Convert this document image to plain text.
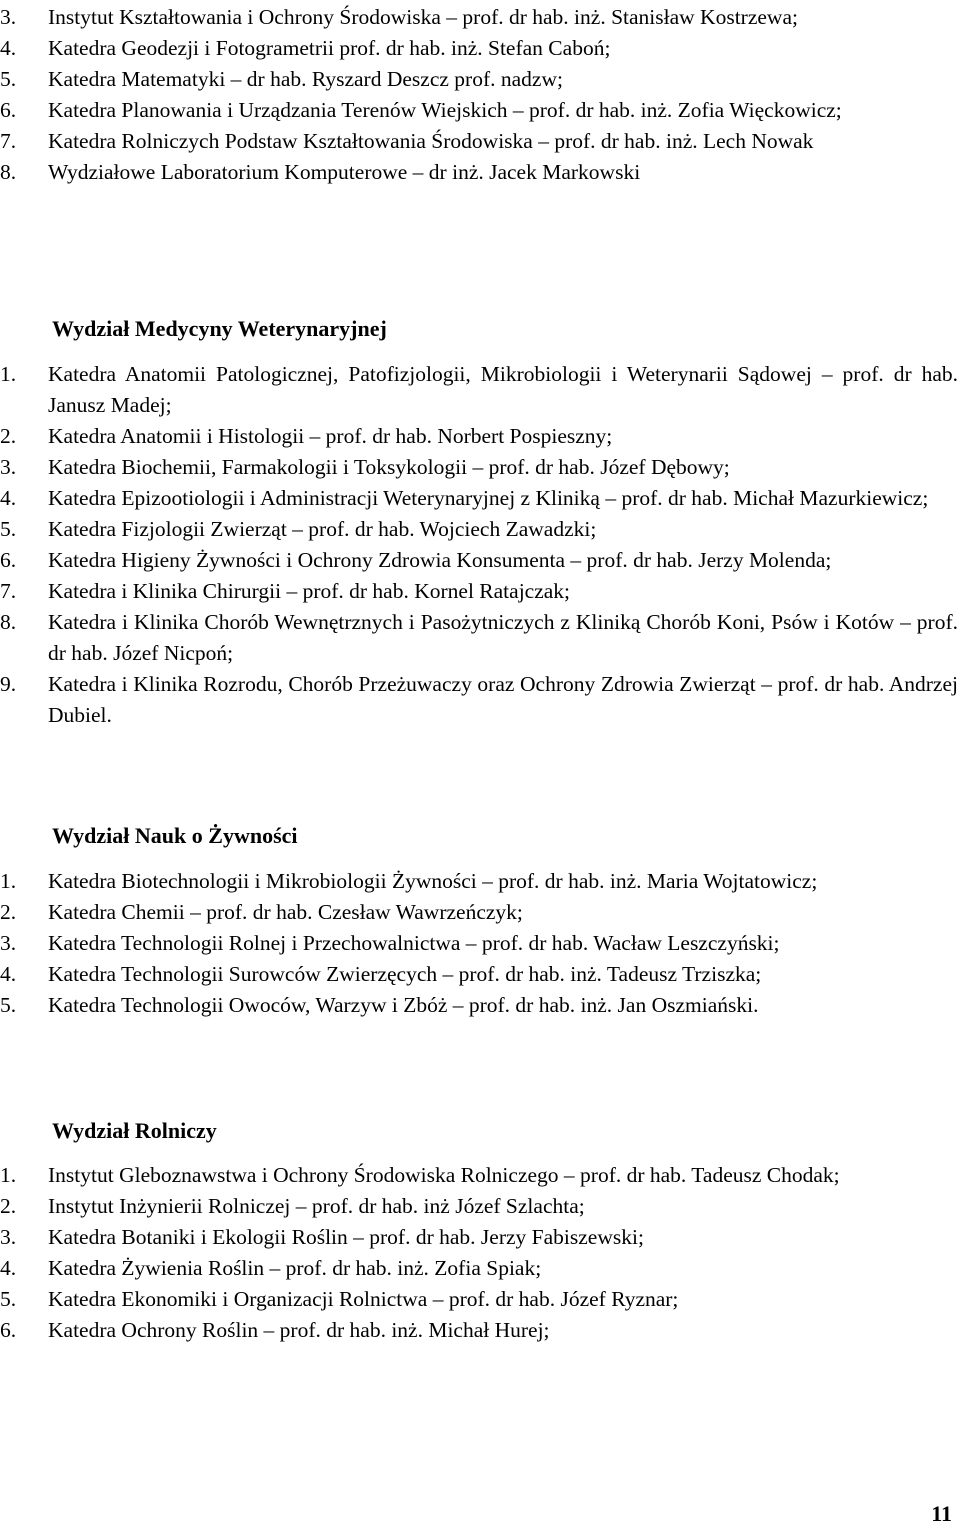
3. Instytut Kształtowania i Ochrony Środowiska – prof. dr hab. inż. Stanisław Kostrzewa;
4. Katedra Geodezji i Fotogrametrii prof. dr hab. inż. Stefan Caboń;
5. Katedra Matematyki – dr hab. Ryszard Deszcz prof. nadzw;
6. Katedra Planowania i Urządzania Terenów Wiejskich – prof. dr hab. inż. Zofia Więckowicz;
7. Katedra Rolniczych Podstaw Kształtowania Środowiska – prof. dr hab. inż. Lech Nowak
8. Wydziałowe Laboratorium Komputerowe – dr inż. Jacek Markowski
Wydział Medycyny Weterynaryjnej
1. Katedra Anatomii Patologicznej, Patofizjologii, Mikrobiologii i Weterynarii Sądowej – prof. dr hab. Janusz Madej;
2. Katedra Anatomii i Histologii – prof. dr hab. Norbert Pospieszny;
3. Katedra Biochemii, Farmakologii i Toksykologii – prof. dr hab. Józef Dębowy;
4. Katedra Epizootiologii i Administracji Weterynaryjnej z Kliniką – prof. dr hab. Michał Mazurkiewicz;
5. Katedra Fizjologii Zwierząt – prof. dr hab. Wojciech Zawadzki;
6. Katedra Higieny Żywności i Ochrony Zdrowia Konsumenta – prof. dr hab. Jerzy Molenda;
7. Katedra i Klinika Chirurgii – prof. dr hab. Kornel Ratajczak;
8. Katedra i Klinika Chorób Wewnętrznych i Pasożytniczych z Kliniką Chorób Koni, Psów i Kotów – prof. dr hab. Józef Nicpoń;
9. Katedra i Klinika Rozrodu, Chorób Przeżuwaczy oraz Ochrony Zdrowia Zwierząt – prof. dr hab. Andrzej Dubiel.
Wydział Nauk o Żywności
1. Katedra Biotechnologii i Mikrobiologii Żywności – prof. dr hab. inż. Maria Wojtatowicz;
2. Katedra Chemii – prof. dr hab. Czesław Wawrzeńczyk;
3. Katedra Technologii Rolnej i Przechowalnictwa – prof. dr hab. Wacław Leszczyński;
4. Katedra Technologii Surowców Zwierzęcych – prof. dr hab. inż. Tadeusz Trziszka;
5. Katedra Technologii Owoców, Warzyw i Zbóż – prof. dr hab. inż. Jan Oszmiański.
Wydział Rolniczy
1. Instytut Gleboznawstwa i Ochrony Środowiska Rolniczego – prof. dr hab. Tadeusz Chodak;
2. Instytut Inżynierii Rolniczej – prof. dr hab. inż Józef Szlachta;
3. Katedra Botaniki i Ekologii Roślin – prof. dr hab. Jerzy Fabiszewski;
4. Katedra Żywienia Roślin – prof. dr hab. inż. Zofia Spiak;
5. Katedra Ekonomiki i Organizacji Rolnictwa – prof. dr hab. Józef Ryznar;
6. Katedra Ochrony Roślin – prof. dr hab. inż. Michał Hurej;
11
